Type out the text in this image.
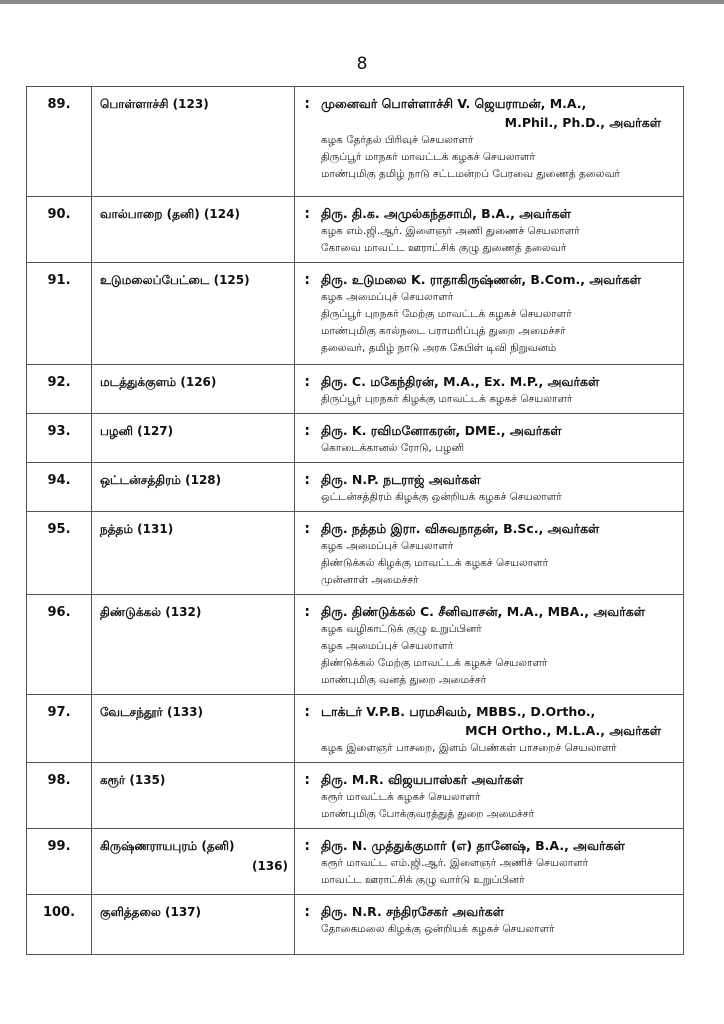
8
89.	பொள்ளாச்சி (123)	:	முனைவர் பொள்ளாச்சி V. ஜெயராமன், M.A.,
M.Phil., Ph.D., அவர்கள்
கழக தேர்தல் பிரிவுச் செயலாளர்
திருப்பூர் மாநகர் மாவட்டக் கழகச் செயலாளர்
மாண்புமிகு தமிழ் நாடு சட்டமன்றப் பேரவை துணைத் தலைவர்

90.	வால்பாறை (தனி) (124)	:	திரு. தி.க. அமுல்கந்தசாமி, B.A., அவர்கள்
கழக எம்.ஜி.ஆர். இளைஞர் அணி துணைச் செயலாளர்
கோவை மாவட்ட ஊராட்சிக் குழு துணைத் தலைவர்

91.	உடுமலைப்பேட்டை (125)	:	திரு. உடுமலை K. ராதாகிருஷ்ணன், B.Com., அவர்கள்
கழக அமைப்புச் செயலாளர்
திருப்பூர் புறநகர் மேற்கு மாவட்டக் கழகச் செயலாளர்
மாண்புமிகு கால்நடை பராமரிப்புத் துறை அமைச்சர்
தலைவர், தமிழ் நாடு அரசு கேபிள் டிவி நிறுவனம்

92.	மடத்துக்குளம் (126)	:	திரு. C. மகேந்திரன், M.A., Ex. M.P., அவர்கள்
திருப்பூர் புறநகர் கிழக்கு மாவட்டக் கழகச் செயலாளர்

93.	பழனி (127)	:	திரு. K. ரவிமனோகரன், DME., அவர்கள்
கொடைக்கானல் ரோடு, பழனி

94.	ஒட்டன்சத்திரம் (128)	:	திரு. N.P. நடராஜ் அவர்கள்
ஒட்டன்சத்திரம் கிழக்கு ஒன்றியக் கழகச் செயலாளர்

95.	நத்தம் (131)	:	திரு. நத்தம் இரா. விசுவநாதன், B.Sc., அவர்கள்
கழக அமைப்புச் செயலாளர்
திண்டுக்கல் கிழக்கு மாவட்டக் கழகச் செயலாளர்
முன்னாள் அமைச்சர்

96.	திண்டுக்கல் (132)	:	திரு. திண்டுக்கல் C. சீனிவாசன், M.A., MBA., அவர்கள்
கழக வழிகாட்டுக் குழு உறுப்பினர்
கழக அமைப்புச் செயலாளர்
திண்டுக்கல் மேற்கு மாவட்டக் கழகச் செயலாளர்
மாண்புமிகு வனத் துறை அமைச்சர்

97.	வேடசந்தூர் (133)	:	டாக்டர் V.P.B. பரமசிவம், MBBS., D.Ortho.,
MCH Ortho., M.L.A., அவர்கள்
கழக இளைஞர் பாசறை, இளம் பெண்கள் பாசறைச் செயலாளர்

98.	கரூர் (135)	:	திரு. M.R. விஜயபாஸ்கர் அவர்கள்
கரூர் மாவட்டக் கழகச் செயலாளர்
மாண்புமிகு போக்குவரத்துத் துறை அமைச்சர்

99.	கிருஷ்ணராயபுரம் (தனி)
(136)	:	திரு. N. முத்துக்குமார் (எ) தானேஷ், B.A., அவர்கள்
கரூர் மாவட்ட எம்.ஜி.ஆர். இளைஞர் அணிச் செயலாளர்
மாவட்ட ஊராட்சிக் குழு வார்டு உறுப்பினர்

100.	குளித்தலை (137)	:	திரு. N.R. சந்திரசேகர் அவர்கள்
தோகைமலை கிழக்கு ஒன்றியக் கழகச் செயலாளர்
